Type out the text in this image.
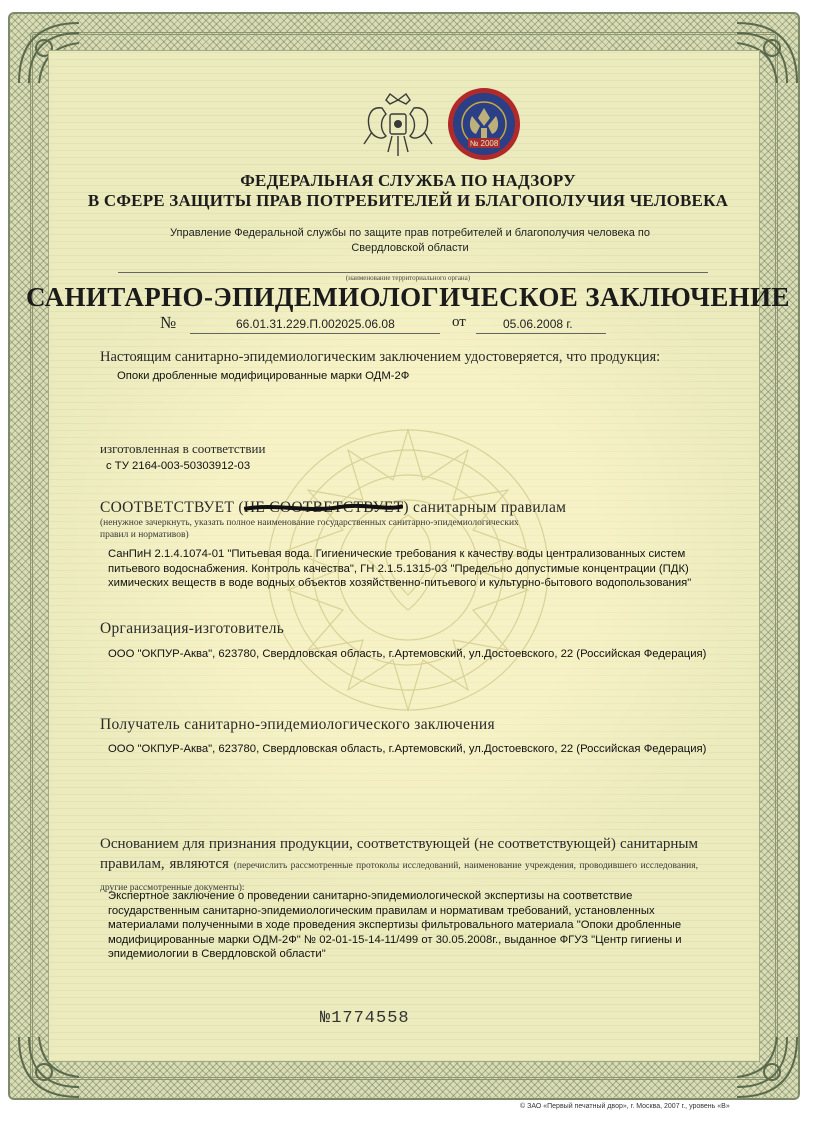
№ 2008
ФЕДЕРАЛЬНАЯ СЛУЖБА ПО НАДЗОРУ
В СФЕРЕ ЗАЩИТЫ ПРАВ ПОТРЕБИТЕЛЕЙ И БЛАГОПОЛУЧИЯ ЧЕЛОВЕКА
Управление Федеральной службы по защите прав потребителей и благополучия человека по
Свердловской области
(наименование территориального органа)
САНИТАРНО-ЭПИДЕМИОЛОГИЧЕСКОЕ ЗАКЛЮЧЕНИЕ
№	66.01.31.229.П.002025.06.08	от	05.06.2008 г.
Настоящим санитарно-эпидемиологическим заключением удостоверяется, что продукция:
Опоки дробленные модифицированные марки ОДМ-2Ф
изготовленная в соответствии
с ТУ 2164-003-50303912-03
СООТВЕТСТВУЕТ (НЕ СООТВЕТСТВУЕТ
) санитарным правилам
(ненужное зачеркнуть, указать полное наименование государственных санитарно-эпидемиологических
правил и нормативов)
СанПиН 2.1.4.1074-01 "Питьевая вода. Гигиенические требования к качеству воды централизованных систем питьевого водоснабжения. Контроль качества", ГН 2.1.5.1315-03 "Предельно допустимые концентрации (ПДК) химических веществ в воде водных объектов хозяйственно-питьевого и культурно-бытового водопользования"
Организация-изготовитель
ООО "ОКПУР-Аква", 623780, Свердловская область, г.Артемовский, ул.Достоевского, 22 (Российская Федерация)
Получатель санитарно-эпидемиологического заключения
ООО "ОКПУР-Аква", 623780, Свердловская область, г.Артемовский, ул.Достоевского, 22 (Российская Федерация)
Основанием для признания продукции, соответствующей (не соответствующей) санитарным правилам, являются (перечислить рассмотренные протоколы исследований, наименование учреждения, проводившего исследования, другие рассмотренные документы):
Экспертное заключение о проведении санитарно-эпидемиологической экспертизы на соответствие государственным санитарно-эпидемиологическим правилам и нормативам требований, установленных материалами полученными в ходе проведения экспертизы фильтровального материала "Опоки дробленные модифицированные марки ОДМ-2Ф" № 02-01-15-14-11/499 от 30.05.2008г., выданное ФГУЗ "Центр гигиены и эпидемиологии в Свердловской области"
№1774558
© ЗАО «Первый печатный двор», г. Москва, 2007 г., уровень «В»
